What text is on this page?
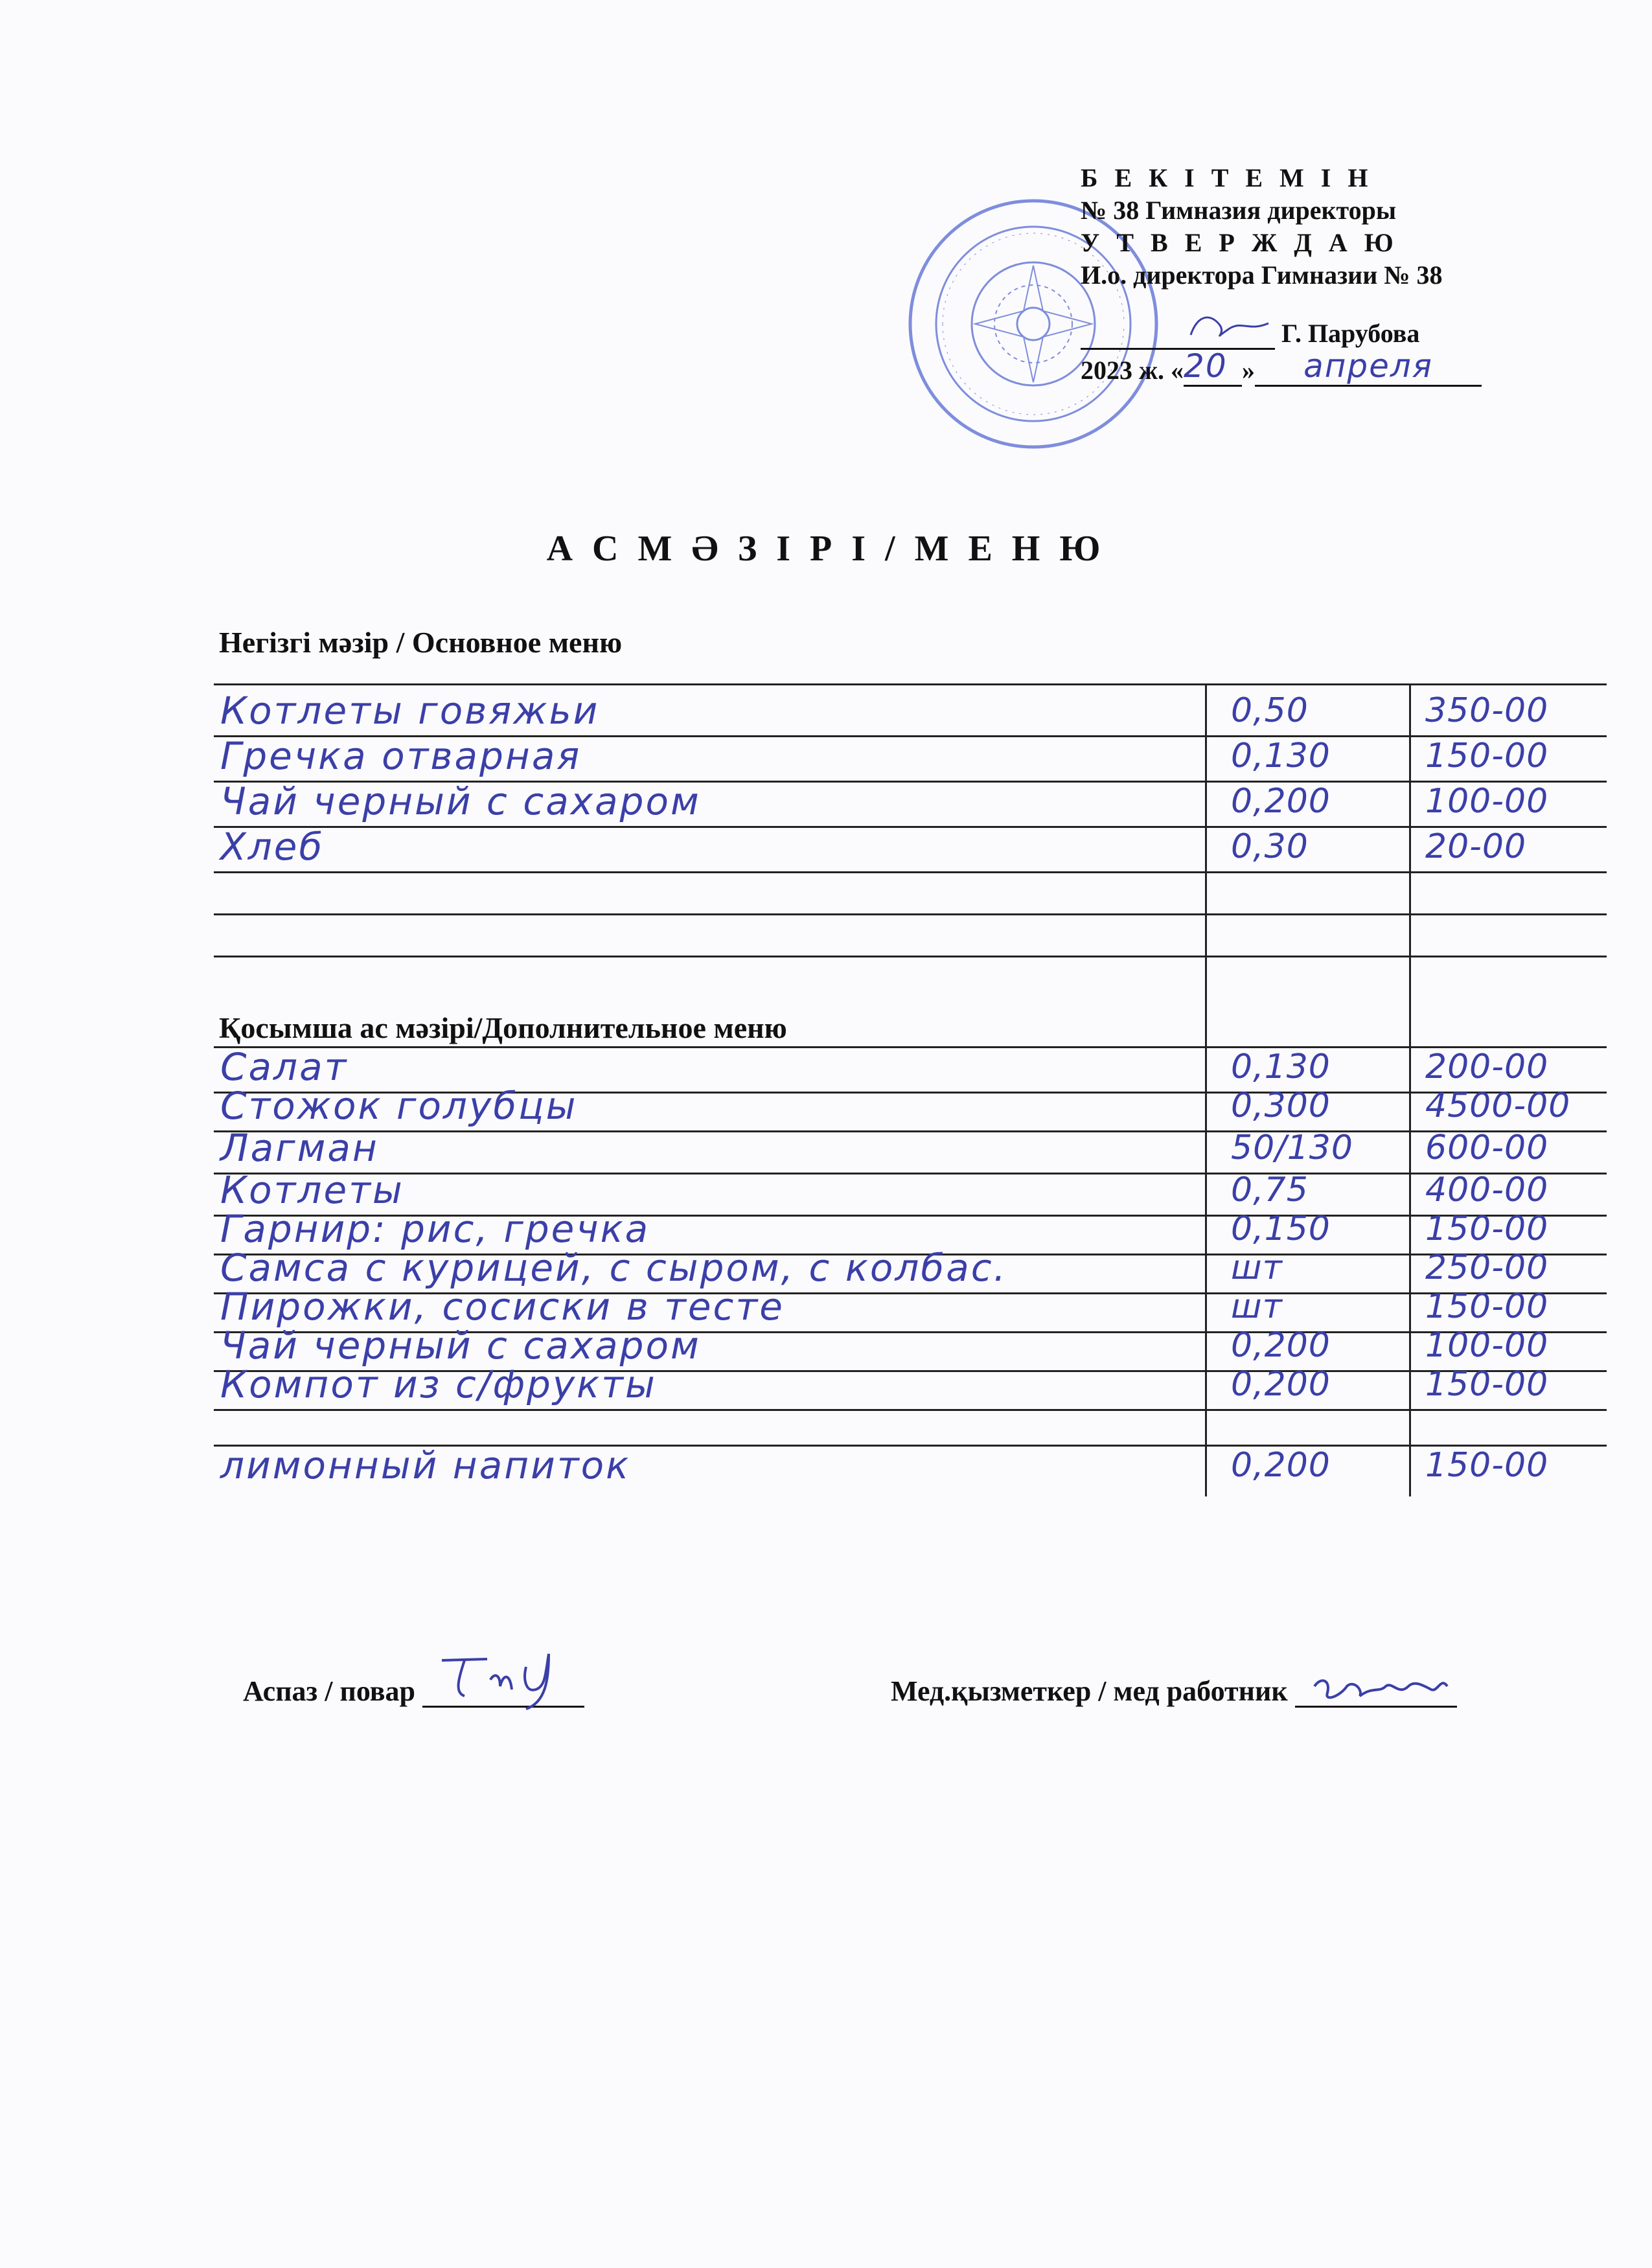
Б Е К І Т Е М І Н
№ 38 Гимназия директоры
У Т В Е Р Ж Д А Ю
И.о. директора Гимназии № 38
Г. Парубова
2023 ж. «20 » апреля
А С М Ә З І Р І / М Е Н Ю
Негізгі мәзір / Основное меню
Қосымша ас мәзірі/Дополнительное меню
Котлеты говяжьи	0,50	350-00
Гречка отварная	0,130	150-00
Чай черный с сахаром	0,200	100-00
Хлеб	0,30	20-00
Салат	0,130	200-00
Стожок голубцы	0,300	4500-00
Лагман	50/130 600-00
Котлеты	0,75	400-00
Гарнир: рис, гречка	0,150	150-00
Самса с курицей, с сыром, с колбас.	шт	250-00
Пирожки, сосиски в тесте	шт	150-00
Чай черный с сахаром	0,200	100-00
Компот из с/фрукты	0,200	150-00
лимонный напиток	0,200	150-00
Аспаз / повар	Мед.қызметкер / мед работник
